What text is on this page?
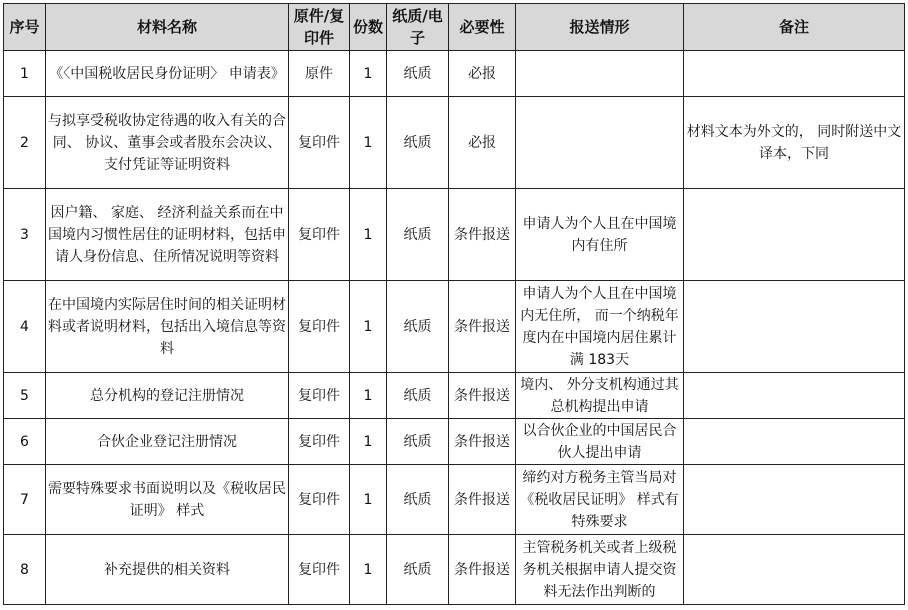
序号	材料名称	原件/复印件	份数	纸质/电子	必要性	报送情形	备注
1	《〈中国税收居民身份证明〉 申请表》	原件	1	纸质	必报		
2	与拟享受税收协定待遇的收入有关的合同、 协议、董事会或者股东会决议、支付凭证等证明资料	复印件	1	纸质	必报		材料文本为外文的， 同时附送中文译本，下同
3	因户籍、 家庭、 经济利益关系而在中国境内习惯性居住的证明材料，包括申请人身份信息、住所情况说明等资料	复印件	1	纸质	条件报送	申请人为个人且在中国境内有住所	
4	在中国境内实际居住时间的相关证明材料或者说明材料，包括出入境信息等资料	复印件	1	纸质	条件报送	申请人为个人且在中国境内无住所， 而一个纳税年度内在中国境内居住累计满 183天	
5	总分机构的登记注册情况	复印件	1	纸质	条件报送	境内、 外分支机构通过其总机构提出申请	
6	合伙企业登记注册情况	复印件	1	纸质	条件报送	以合伙企业的中国居民合伙人提出申请	
7	需要特殊要求书面说明以及《税收居民证明》 样式	复印件	1	纸质	条件报送	缔约对方税务主管当局对《税收居民证明》 样式有特殊要求	
8	补充提供的相关资料	复印件	1	纸质	条件报送	主管税务机关或者上级税务机关根据申请人提交资料无法作出判断的	
